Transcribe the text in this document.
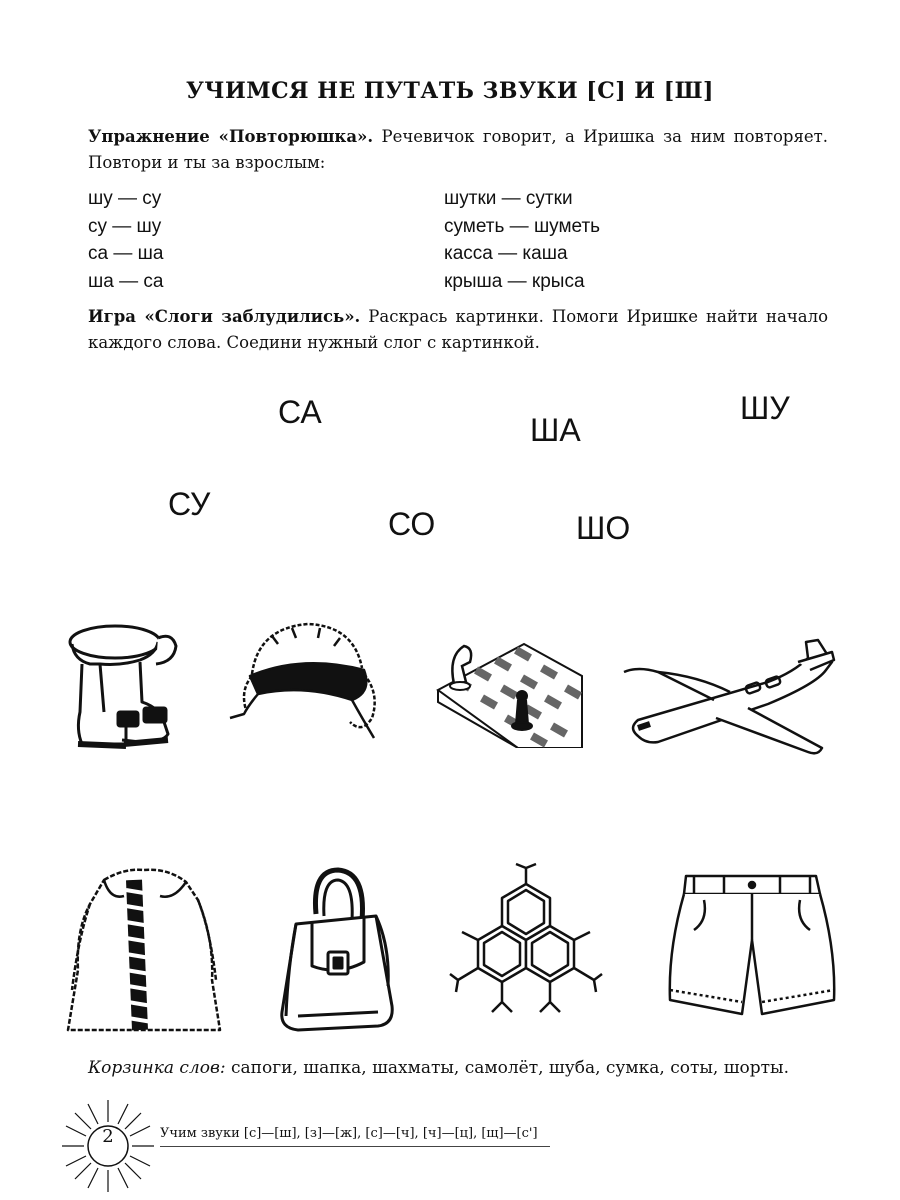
УЧИМСЯ НЕ ПУТАТЬ ЗВУКИ [С] И [Ш]
Упражнение «Повторюшка». Речевичок говорит, а Иришка за ним повторяет. Повтори и ты за взрослым:
шу — су
су — шу
са — ша
ша — са
шутки — сутки
суметь — шуметь
касса — каша
крыша — крыса
Игра «Слоги заблудились». Раскрась картинки. Помоги Иришке найти начало каждого слова. Соедини нужный слог с картинкой.
СА	ША
ШУ
СУ
СО	ШО
Корзинка слов: сапоги, шапка, шахматы, самолёт, шуба, сумка, соты, шорты.
2	Учим звуки [с]—[ш], [з]—[ж], [с]—[ч], [ч]—[ц], [щ]—[с']
